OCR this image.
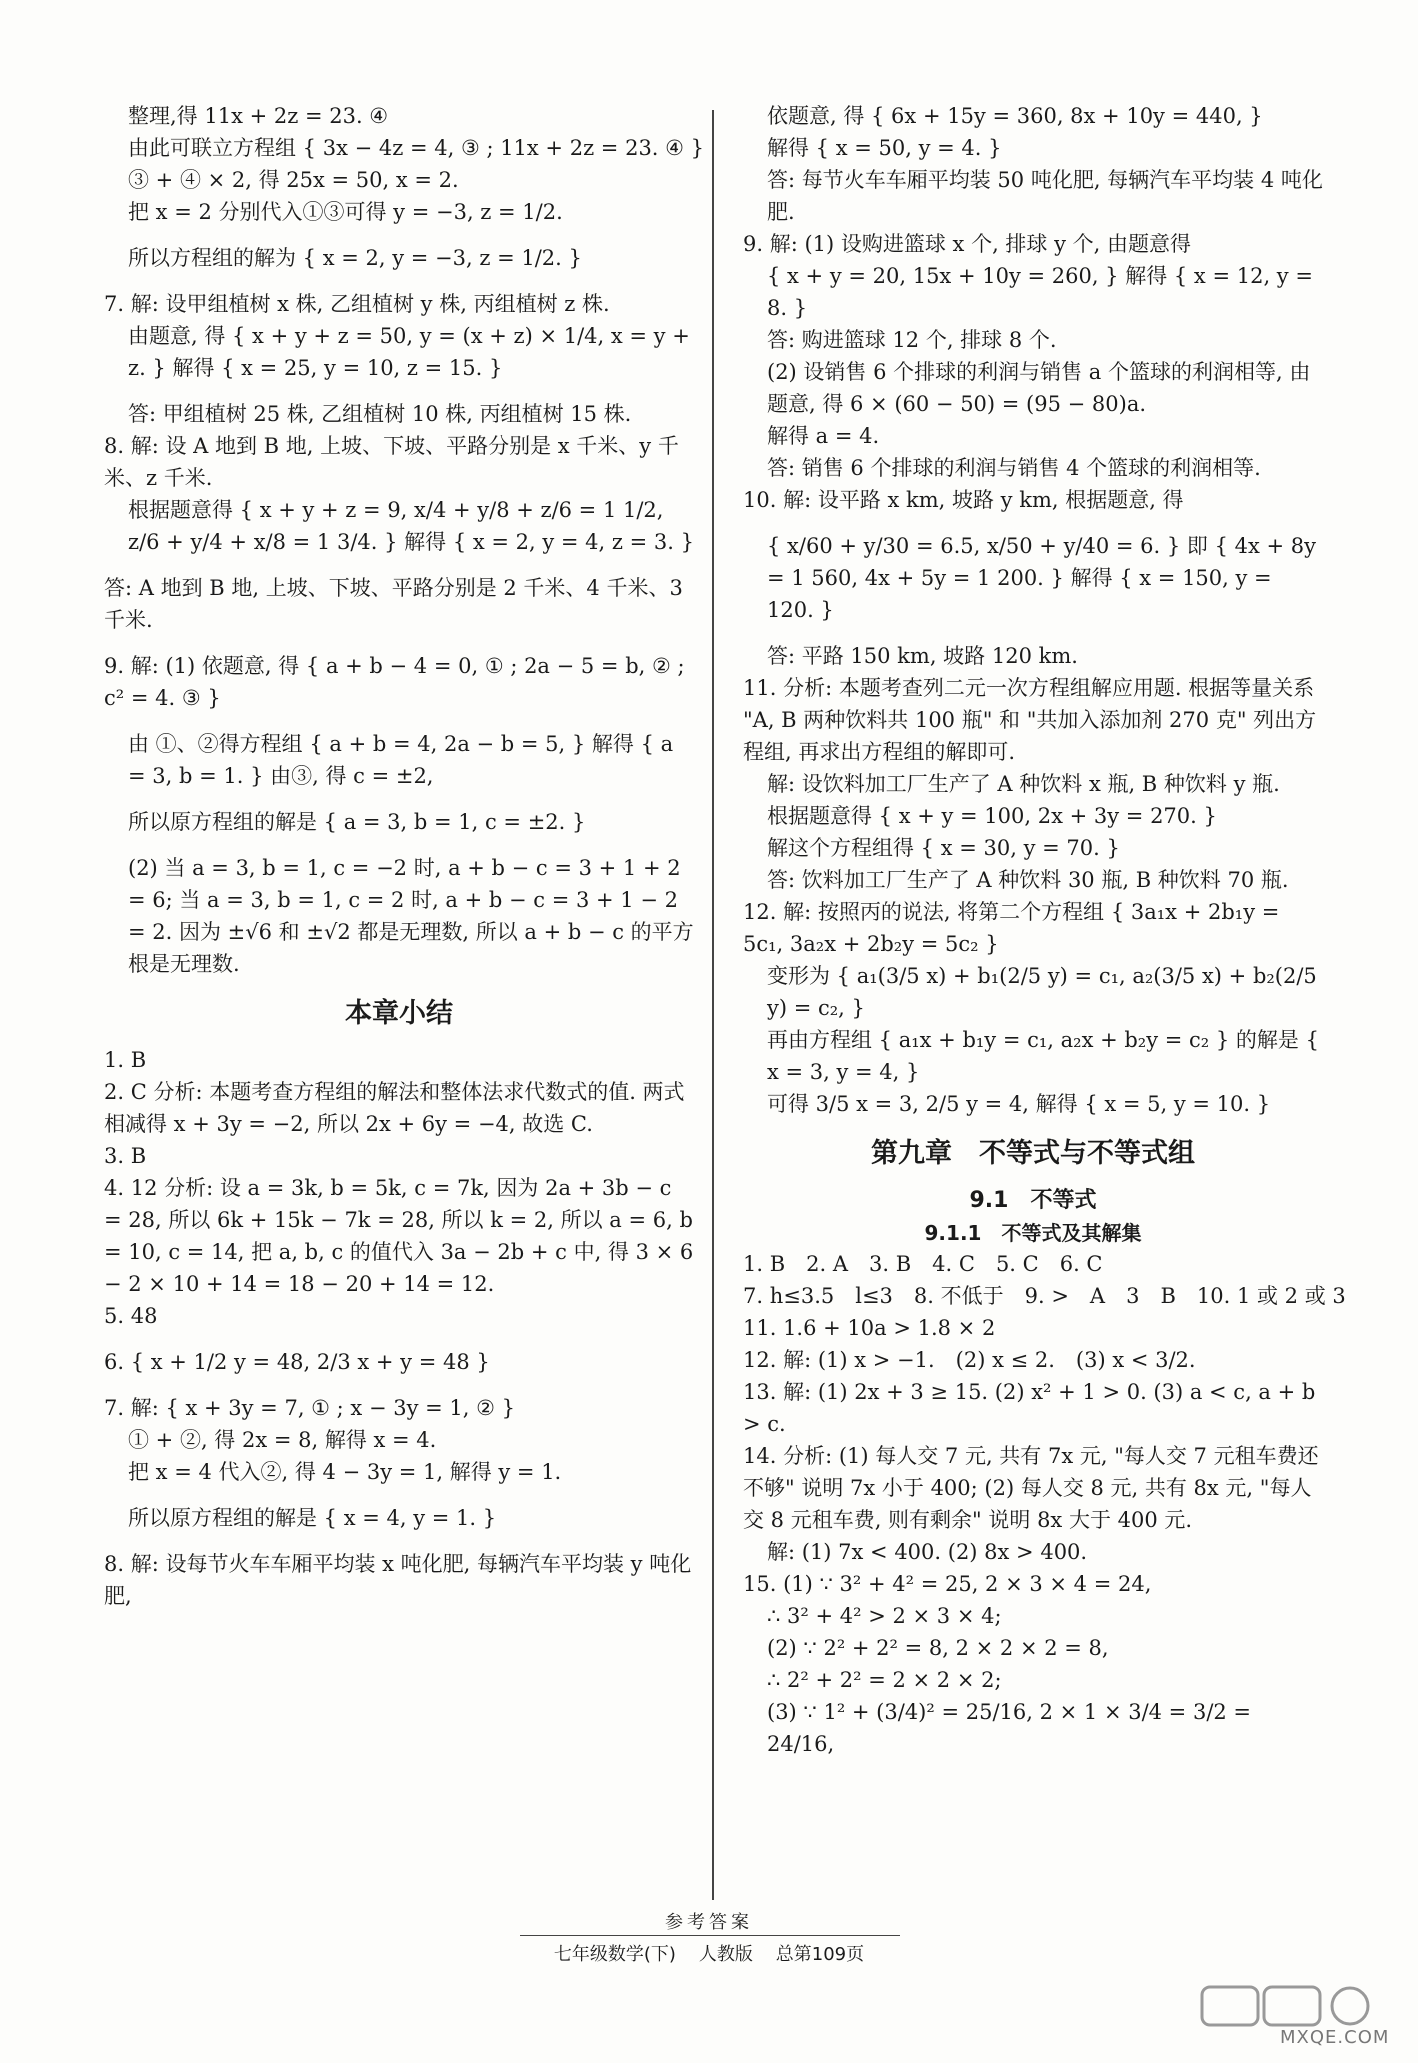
整理,得 11x + 2z = 23. ④
由此可联立方程组 { 3x − 4z = 4, ③ ; 11x + 2z = 23. ④ }
③ + ④ × 2, 得 25x = 50, x = 2.
把 x = 2 分别代入①③可得 y = −3, z = 1/2.
所以方程组的解为 { x = 2, y = −3, z = 1/2. }
7. 解: 设甲组植树 x 株, 乙组植树 y 株, 丙组植树 z 株.
由题意, 得 { x + y + z = 50, y = (x + z) × 1/4, x = y + z. } 解得 { x = 25, y = 10, z = 15. }
答: 甲组植树 25 株, 乙组植树 10 株, 丙组植树 15 株.
8. 解: 设 A 地到 B 地, 上坡、下坡、平路分别是 x 千米、y 千米、z 千米.
根据题意得 { x + y + z = 9, x/4 + y/8 + z/6 = 1 1/2, z/6 + y/4 + x/8 = 1 3/4. } 解得 { x = 2, y = 4, z = 3. }
答: A 地到 B 地, 上坡、下坡、平路分别是 2 千米、4 千米、3 千米.
9. 解: (1) 依题意, 得 { a + b − 4 = 0, ① ; 2a − 5 = b, ② ; c² = 4. ③ }
由 ①、②得方程组 { a + b = 4, 2a − b = 5, } 解得 { a = 3, b = 1. } 由③, 得 c = ±2,
所以原方程组的解是 { a = 3, b = 1, c = ±2. }
(2) 当 a = 3, b = 1, c = −2 时, a + b − c = 3 + 1 + 2 = 6; 当 a = 3, b = 1, c = 2 时, a + b − c = 3 + 1 − 2 = 2. 因为 ±√6 和 ±√2 都是无理数, 所以 a + b − c 的平方根是无理数.
本章小结
1. B
2. C 分析: 本题考查方程组的解法和整体法求代数式的值. 两式相减得 x + 3y = −2, 所以 2x + 6y = −4, 故选 C.
3. B
4. 12 分析: 设 a = 3k, b = 5k, c = 7k, 因为 2a + 3b − c = 28, 所以 6k + 15k − 7k = 28, 所以 k = 2, 所以 a = 6, b = 10, c = 14, 把 a, b, c 的值代入 3a − 2b + c 中, 得 3 × 6 − 2 × 10 + 14 = 18 − 20 + 14 = 12.
5. 48
6. { x + 1/2 y = 48, 2/3 x + y = 48 }
7. 解: { x + 3y = 7, ① ; x − 3y = 1, ② }
① + ②, 得 2x = 8, 解得 x = 4.
把 x = 4 代入②, 得 4 − 3y = 1, 解得 y = 1.
所以原方程组的解是 { x = 4, y = 1. }
8. 解: 设每节火车车厢平均装 x 吨化肥, 每辆汽车平均装 y 吨化肥,
依题意, 得 { 6x + 15y = 360, 8x + 10y = 440, }
解得 { x = 50, y = 4. }
答: 每节火车车厢平均装 50 吨化肥, 每辆汽车平均装 4 吨化肥.
9. 解: (1) 设购进篮球 x 个, 排球 y 个, 由题意得
{ x + y = 20, 15x + 10y = 260, } 解得 { x = 12, y = 8. }
答: 购进篮球 12 个, 排球 8 个.
(2) 设销售 6 个排球的利润与销售 a 个篮球的利润相等, 由题意, 得 6 × (60 − 50) = (95 − 80)a.
解得 a = 4.
答: 销售 6 个排球的利润与销售 4 个篮球的利润相等.
10. 解: 设平路 x km, 坡路 y km, 根据题意, 得
{ x/60 + y/30 = 6.5, x/50 + y/40 = 6. } 即 { 4x + 8y = 1 560, 4x + 5y = 1 200. } 解得 { x = 150, y = 120. }
答: 平路 150 km, 坡路 120 km.
11. 分析: 本题考查列二元一次方程组解应用题. 根据等量关系 "A, B 两种饮料共 100 瓶" 和 "共加入添加剂 270 克" 列出方程组, 再求出方程组的解即可.
解: 设饮料加工厂生产了 A 种饮料 x 瓶, B 种饮料 y 瓶.
根据题意得 { x + y = 100, 2x + 3y = 270. }
解这个方程组得 { x = 30, y = 70. }
答: 饮料加工厂生产了 A 种饮料 30 瓶, B 种饮料 70 瓶.
12. 解: 按照丙的说法, 将第二个方程组 { 3a₁x + 2b₁y = 5c₁, 3a₂x + 2b₂y = 5c₂ }
变形为 { a₁(3/5 x) + b₁(2/5 y) = c₁, a₂(3/5 x) + b₂(2/5 y) = c₂, }
再由方程组 { a₁x + b₁y = c₁, a₂x + b₂y = c₂ } 的解是 { x = 3, y = 4, }
可得 3/5 x = 3, 2/5 y = 4, 解得 { x = 5, y = 10. }
第九章　不等式与不等式组
9.1　不等式
9.1.1　不等式及其解集
1. B　2. A　3. B　4. C　5. C　6. C
7. h≤3.5　l≤3　8. 不低于　9. >　A　3　B　10. 1 或 2 或 3
11. 1.6 + 10a > 1.8 × 2
12. 解: (1) x > −1.　(2) x ≤ 2.　(3) x < 3/2.
13. 解: (1) 2x + 3 ≥ 15. (2) x² + 1 > 0. (3) a < c, a + b > c.
14. 分析: (1) 每人交 7 元, 共有 7x 元, "每人交 7 元租车费还不够" 说明 7x 小于 400; (2) 每人交 8 元, 共有 8x 元, "每人交 8 元租车费, 则有剩余" 说明 8x 大于 400 元.
解: (1) 7x < 400. (2) 8x > 400.
15. (1) ∵ 3² + 4² = 25, 2 × 3 × 4 = 24,
∴ 3² + 4² > 2 × 3 × 4;
(2) ∵ 2² + 2² = 8, 2 × 2 × 2 = 8,
∴ 2² + 2² = 2 × 2 × 2;
(3) ∵ 1² + (3/4)² = 25/16, 2 × 1 × 3/4 = 3/2 = 24/16,
参考答案
七年级数学(下) 人教版 总第109页
MXQE.COM
